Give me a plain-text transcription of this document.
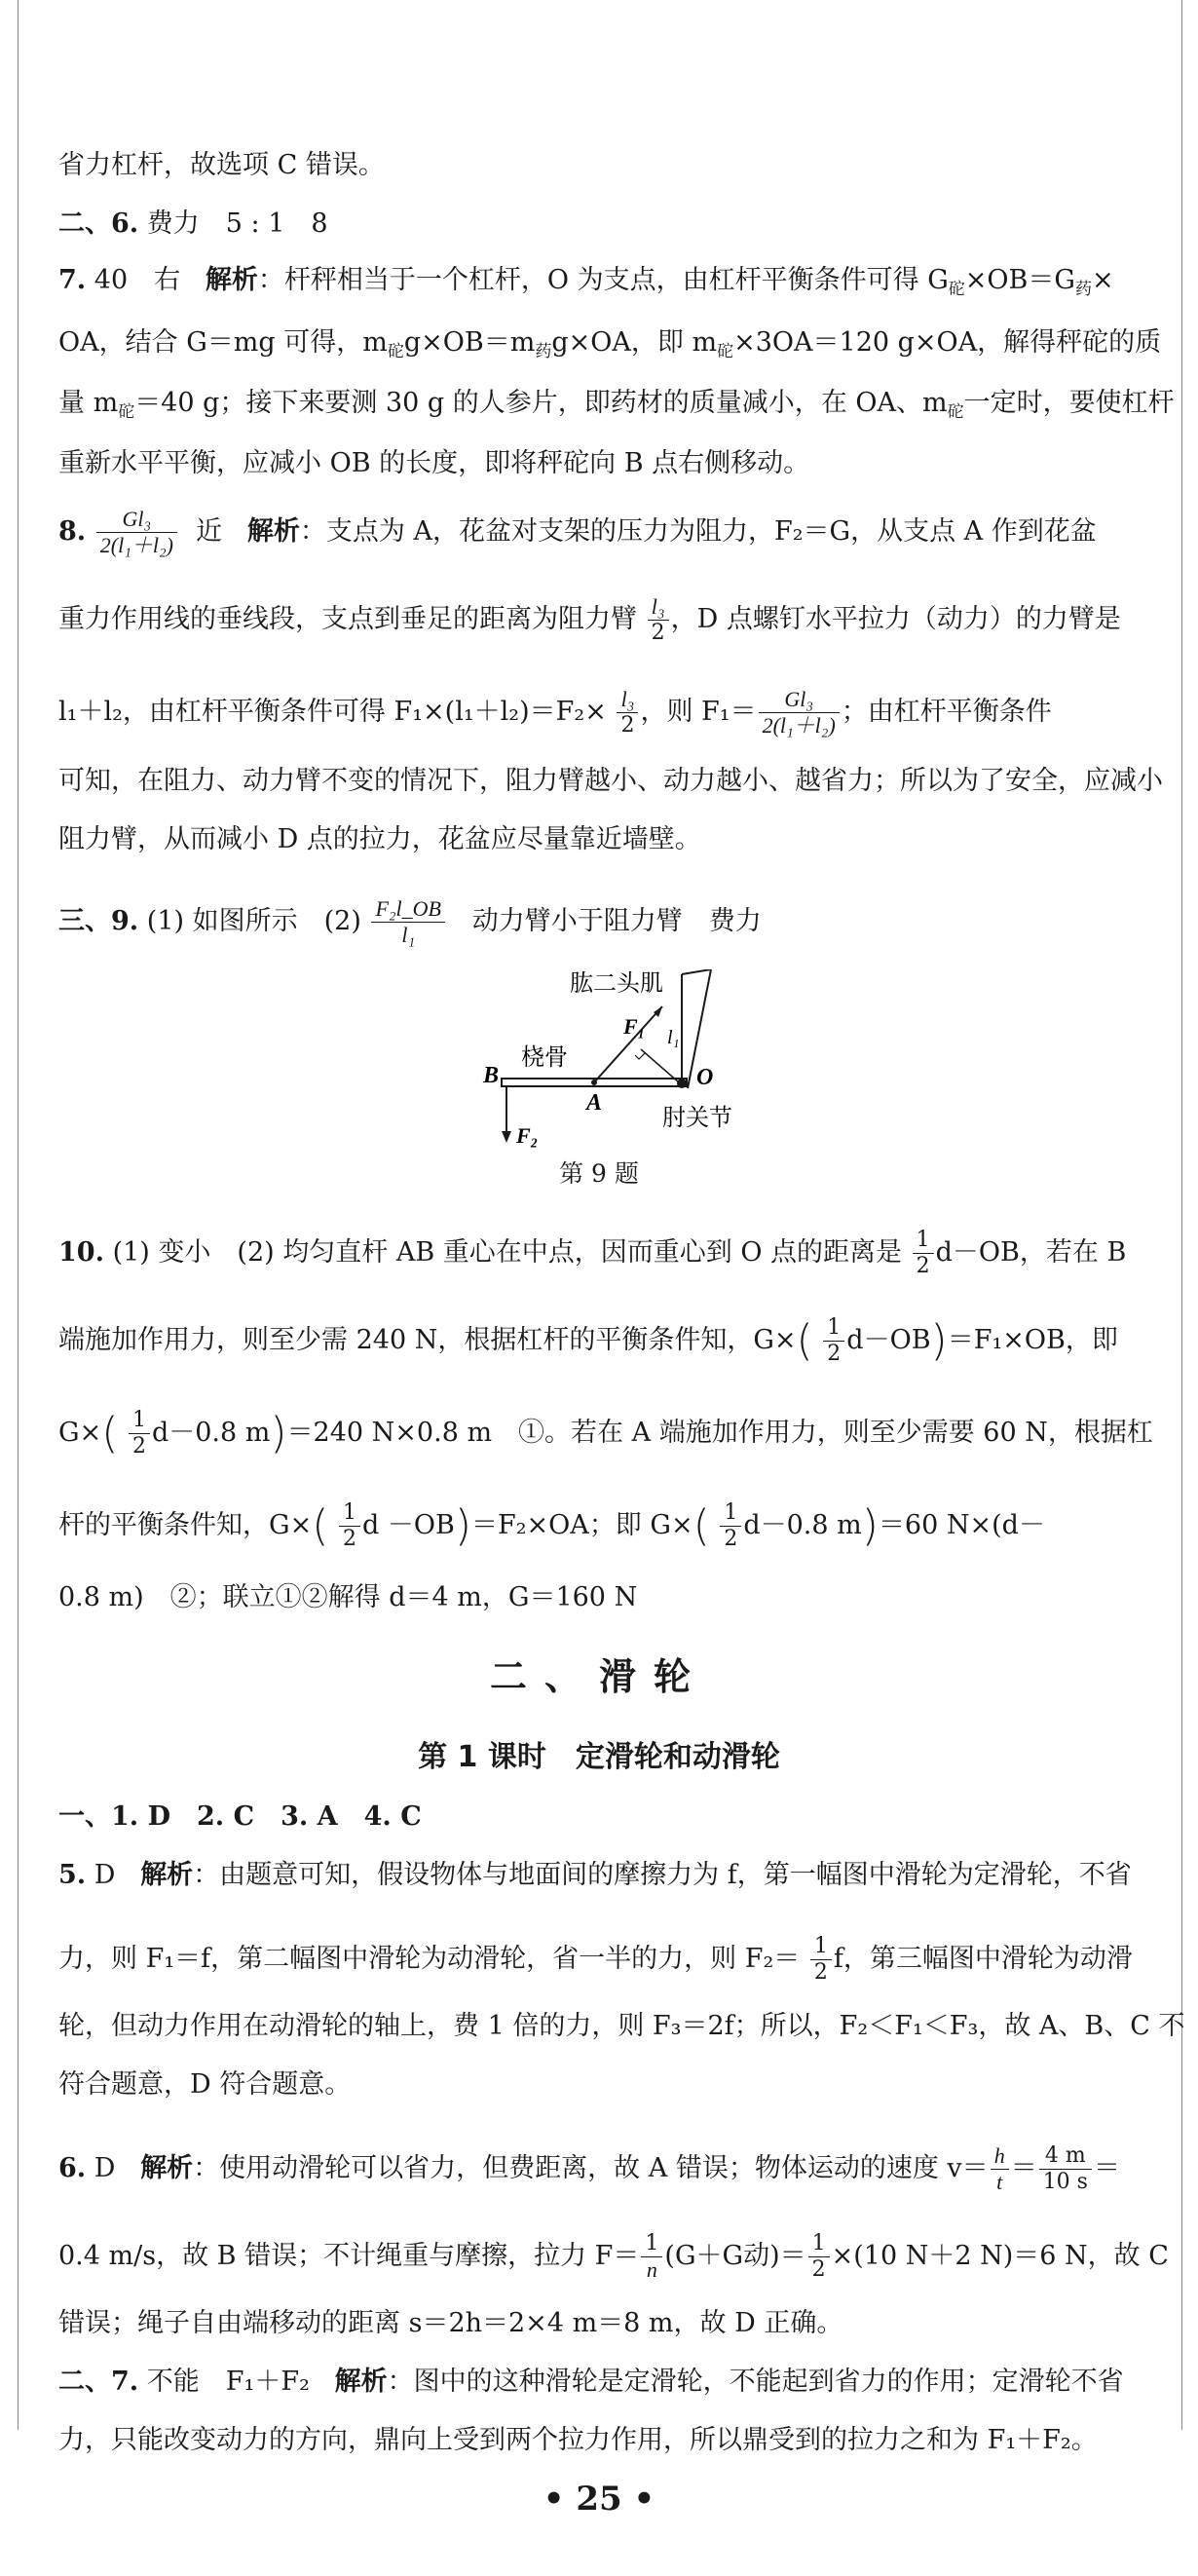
省力杠杆，故选项 C 错误。
二、6. 费力　5 : 1　8
7. 40　右 解析：杆秤相当于一个杠杆，O 为支点，由杠杆平衡条件可得 $G_砣\times OB=G_药\times$
OA，结合 G＝mg 可得，$m_砣g\times OB=m_药g\times OA$，即 $m_砣\times 3OA=120$ g×OA，解得秤砣的质
量 $m_砣=40$ g；接下来要测 30 g 的人参片，即药材的质量减小，在 OA、$m_砣$一定时，要使杠杆
重新水平平衡，应减小 OB 的长度，即将秤砣向 B 点右侧移动。
8. $\frac{\text{Gl₃}}{\text{2(l₁＋l₂)}}$ 近 解析：支点为 A，花盆对支架的压力为阻力，F₂＝G，从支点 A 作到花盆
重力作用线的垂线段，支点到垂足的距离为阻力臂 $\frac{\text{l₃}}{2}$ ，D 点螺钉水平拉力（动力）的力臂是
l₁＋l₂，由杠杆平衡条件可得 $F_1\times(l_1+l_2)=F_2\times \frac{\text{l₃}}{2}$ ，则 $F_1= \frac{\text{Gl₃}}{\text{2(l₁＋l₂)}}$ ；由杠杆平衡条件
可知，在阻力、动力臂不变的情况下，阻力臂越小、动力越小、越省力；所以为了安全，应减小
阻力臂，从而减小 D 点的拉力，花盆应尽量靠近墙壁。
三、9. (1) 如图所示　$(2) \frac{\text{F₂l\_OB}}{\text{l₁}}$ 动力臂小于阻力臂　费力
肱二头肌
F₁ l₁
桡骨
B
A
O
F₂
肘关节
第 9 题
10. (1) 变小　(2) 均匀直杆 AB 重心在中点，因而重心到 O 点的距离是 $\frac{1}{2} d-OB$，若在 B
端施加作用力，则至少需 240 N，根据杠杆的平衡条件知，$G\times( \frac{1}{2} d-OB)=F_1\times OB$，即
$G\times( \frac{1}{2} d-0.8$ m)＝240 N×0.8 m　①。若在 A 端施加作用力，则至少需要 60 N，根据杠
杆的平衡条件知，$G\times( \frac{1}{2}$ d －OB)＝F₂×OA；即 $G\times( \frac{1}{2} d-0.8$ m)＝60 N×(d－
0.8 m)　②；联立①②解得 d＝4 m，G＝160 N
二、滑轮
第 1 课时　定滑轮和动滑轮
一、1. D　2. C　3. A　4. C
5. D 解析：由题意可知，假设物体与地面间的摩擦力为 f，第一幅图中滑轮为定滑轮，不省
力，则 F₁＝f，第二幅图中滑轮为动滑轮，省一半的力，则 $F_2= \frac{1}{2}$ f，第三幅图中滑轮为动滑
轮，但动力作用在动滑轮的轴上，费 1 倍的力，则 F₃＝2f；所以，F₂＜F₁＜F₃，故 A、B、C 不
符合题意，D 符合题意。
6. D 解析：使用动滑轮可以省力，但费距离，故 A 错误；物体运动的速度 $v= \frac{h}{t} = \frac{4 m}{10 s}$ ＝
0.4 m/s，故 B 错误；不计绳重与摩擦，拉力 $F= \frac{1}{n} (G+G$动)＝ $\frac{1}{2} \times(10$ N＋2 N)＝6 N，故 C
错误；绳子自由端移动的距离 s＝2h＝2×4 m＝8 m，故 D 正确。
二、7. 不能　F₁＋F₂ 解析：图中的这种滑轮是定滑轮，不能起到省力的作用；定滑轮不省
力，只能改变动力的方向，鼎向上受到两个拉力作用，所以鼎受到的拉力之和为 F₁＋F₂。
• 25 •
